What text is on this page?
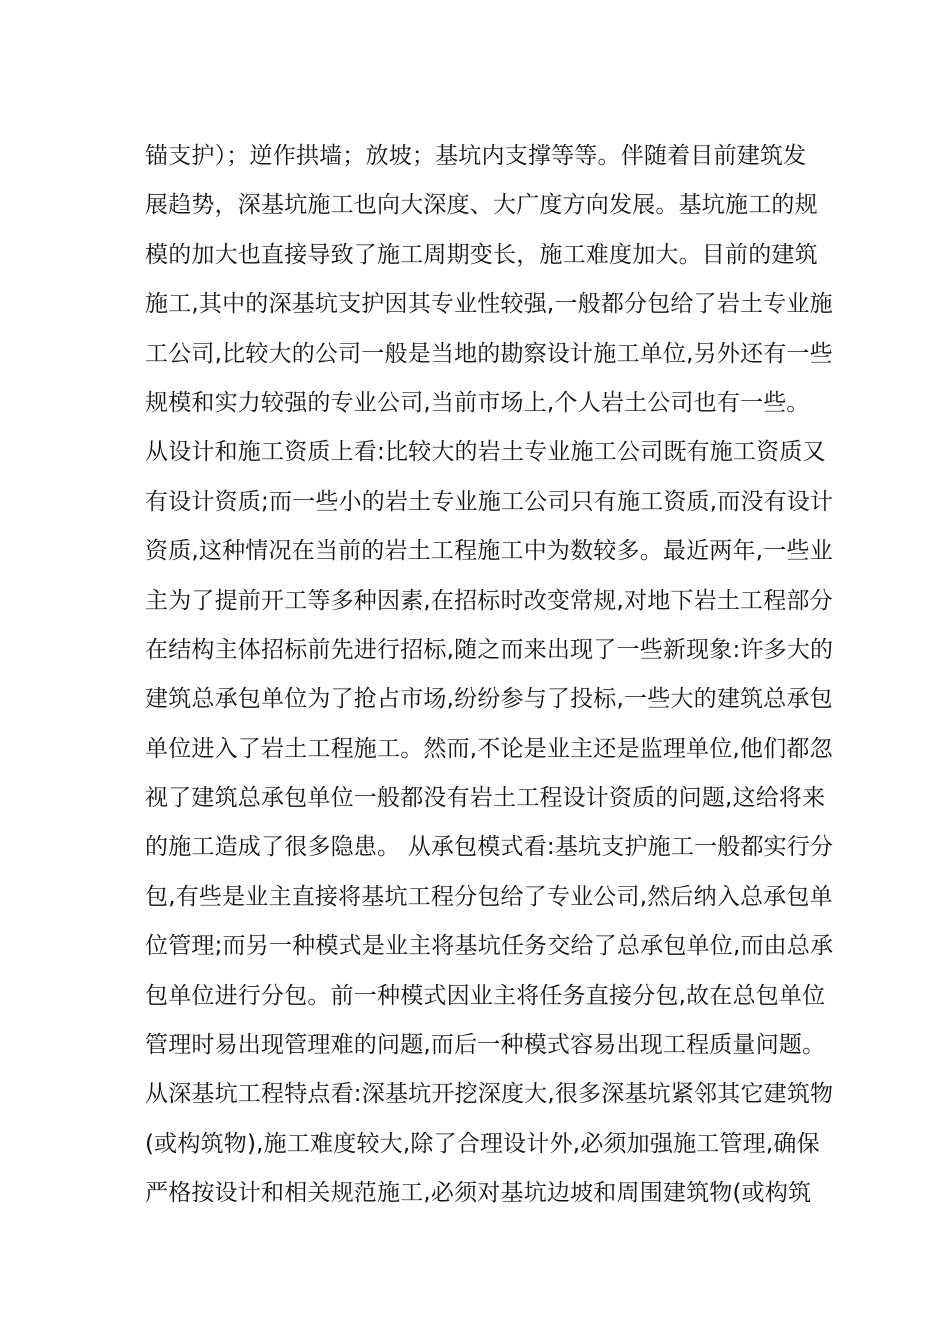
锚支护）；逆作拱墙；放坡；基坑内支撑等等。伴随着目前建筑发
展趋势，深基坑施工也向大深度、大广度方向发展。基坑施工的规
模的加大也直接导致了施工周期变长，施工难度加大。目前的建筑
施工,其中的深基坑支护因其专业性较强,一般都分包给了岩土专业施
工公司,比较大的公司一般是当地的勘察设计施工单位,另外还有一些
规模和实力较强的专业公司,当前市场上,个人岩土公司也有一些。
从设计和施工资质上看:比较大的岩土专业施工公司既有施工资质又
有设计资质;而一些小的岩土专业施工公司只有施工资质,而没有设计
资质,这种情况在当前的岩土工程施工中为数较多。最近两年,一些业
主为了提前开工等多种因素,在招标时改变常规,对地下岩土工程部分
在结构主体招标前先进行招标,随之而来出现了一些新现象:许多大的
建筑总承包单位为了抢占市场,纷纷参与了投标,一些大的建筑总承包
单位进入了岩土工程施工。然而,不论是业主还是监理单位,他们都忽
视了建筑总承包单位一般都没有岩土工程设计资质的问题,这给将来
的施工造成了很多隐患。 从承包模式看:基坑支护施工一般都实行分
包,有些是业主直接将基坑工程分包给了专业公司,然后纳入总承包单
位管理;而另一种模式是业主将基坑任务交给了总承包单位,而由总承
包单位进行分包。前一种模式因业主将任务直接分包,故在总包单位
管理时易出现管理难的问题,而后一种模式容易出现工程质量问题。
从深基坑工程特点看:深基坑开挖深度大,很多深基坑紧邻其它建筑物
(或构筑物),施工难度较大,除了合理设计外,必须加强施工管理,确保
严格按设计和相关规范施工,必须对基坑边坡和周围建筑物(或构筑
